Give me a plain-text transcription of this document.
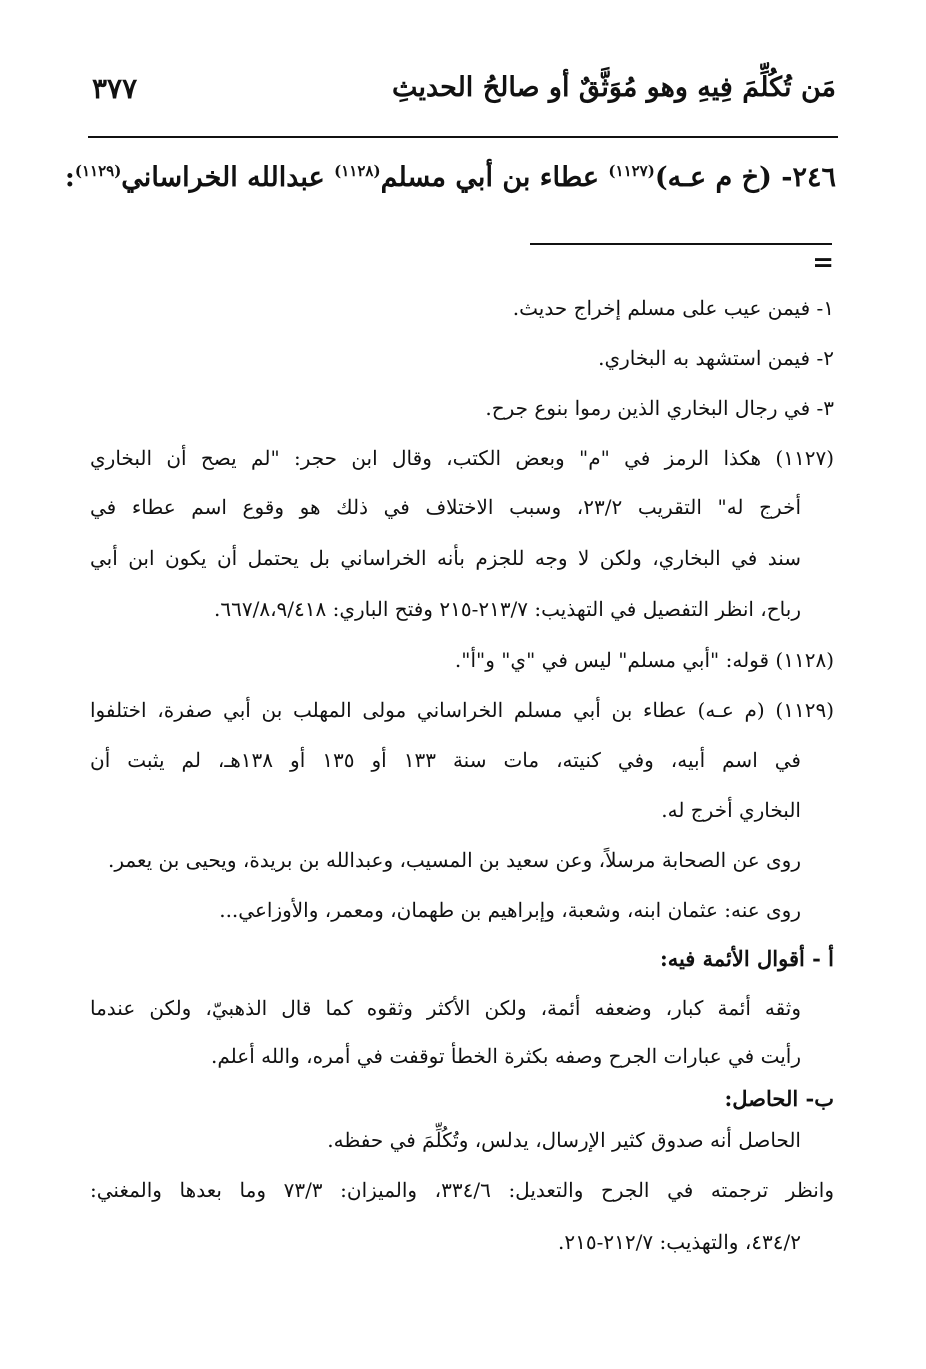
مَن تُكُلِّمَ فِيهِ وهو مُوَثَّقٌ أو صالحُ الحديثِ
٣٧٧
٢٤٦- (خ م عـه)$^{(١١٢٧)}$ عطاء بن أبي مسلم$^{(١١٢٨)}$ عبدالله الخراساني$^{(١١٢٩)}$:
=
١- فيمن عيب على مسلم إخراج حديث.
٢- فيمن استشهد به البخاري.
٣- في رجال البخاري الذين رموا بنوع جرح.
(١١٢٧) هكذا الرمز في "م" وبعض الكتب، وقال ابن حجر: "لم يصح أن البخاري
أخرج له" التقريب ٢٣/٢، وسبب الاختلاف في ذلك هو وقوع اسم عطاء في
سند في البخاري، ولكن لا وجه للجزم بأنه الخراساني بل يحتمل أن يكون ابن أبي
رباح، انظر التفصيل في التهذيب: ٢١٣/٧-٢١٥ وفتح الباري: ٦٦٧/٨،٩/٤١٨.
(١١٢٨) قوله: "أبي مسلم" ليس في "ي" و"أ".
(١١٢٩) (م عـه) عطاء بن أبي مسلم الخراساني مولى المهلب بن أبي صفرة، اختلفوا
في اسم أبيه، وفي كنيته، مات سنة ١٣٣ أو ١٣٥ أو ١٣٨هـ، لم يثبت أن
البخاري أخرج له.
روى عن الصحابة مرسلاً، وعن سعيد بن المسيب، وعبدالله بن بريدة، ويحيى بن يعمر.
روى عنه: عثمان ابنه، وشعبة، وإبراهيم بن طهمان، ومعمر، والأوزاعي...
أ - أقوال الأئمة فيه:
وثقه أئمة كبار، وضعفه أئمة، ولكن الأكثر وثقوه كما قال الذهبيّ، ولكن عندما
رأيت في عبارات الجرح وصفه بكثرة الخطأ توقفت في أمره، والله أعلم.
ب- الحاصل:
الحاصل أنه صدوق كثير الإرسال، يدلس، وتُكُلِّمَ في حفظه.
وانظر ترجمته في الجرح والتعديل: ٣٣٤/٦، والميزان: ٧٣/٣ وما بعدها والمغني:
٤٣٤/٢، والتهذيب: ٢١٢/٧-٢١٥.
